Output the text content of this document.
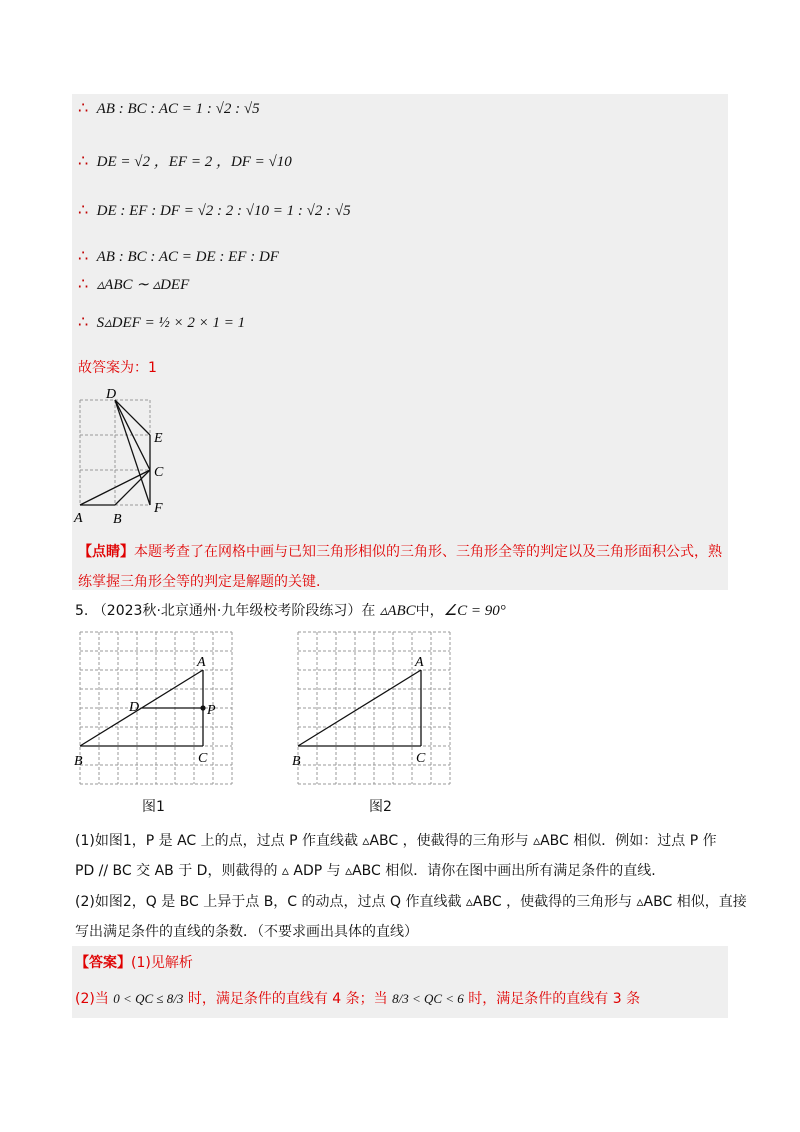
∴ AB : BC : AC = 1 : √2 : √5
∴ DE = √2 ，EF = 2 ，DF = √10
∴ DE : EF : DF = √2 : 2 : √10 = 1 : √2 : √5
∴ AB : BC : AC = DE : EF : DF
∴ ▵ABC ∼ ▵DEF
∴ S▵DEF = ½ × 2 × 1 = 1
故答案为：1
D
E
C
F
A B
【点睛】本题考查了在网格中画与已知三角形相似的三角形、三角形全等的判定以及三角形面积公式，熟
练掌握三角形全等的判定是解题的关键.
5. （2023秋·北京通州·九年级校考阶段练习）在 ▵ABC中，∠C = 90°
A
D	P
B	C
图1
A
B	C
图2
(1)如图1，P 是 AC 上的点，过点 P 作直线截 ▵ABC ，使截得的三角形与 ▵ABC 相似．例如：过点 P 作
PD // BC 交 AB 于 D，则截得的 ▵ ADP 与 ▵ABC 相似．请你在图中画出所有满足条件的直线.
(2)如图2，Q 是 BC 上异于点 B，C 的动点，过点 Q 作直线截 ▵ABC ，使截得的三角形与 ▵ABC 相似，直接
写出满足条件的直线的条数．（不要求画出具体的直线）
【答案】(1)见解析
(2)当 0 < QC ≤ 8/3 时，满足条件的直线有 4 条；当 8/3 < QC < 6 时，满足条件的直线有 3 条
